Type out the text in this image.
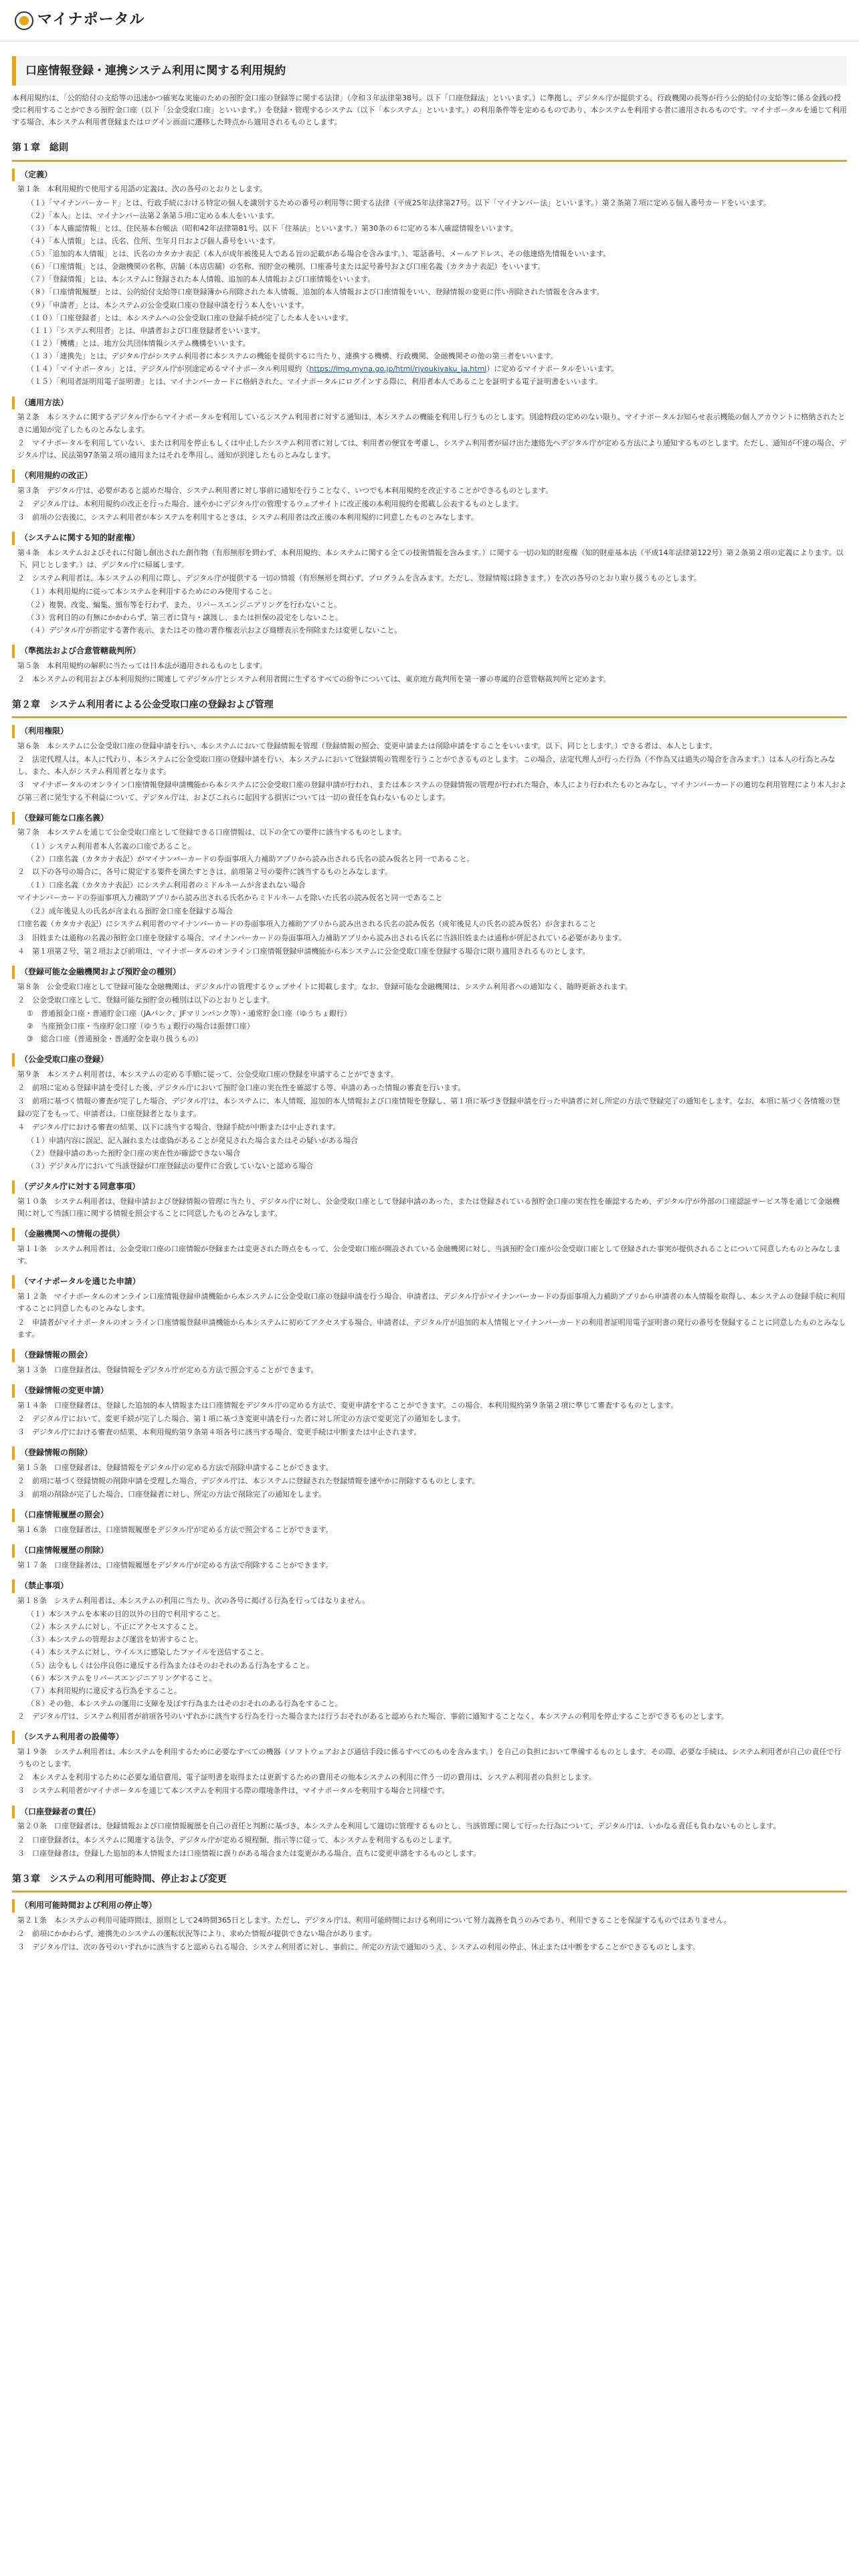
マイナポータル
口座情報登録・連携システム利用に関する利用規約

本利用規約は、「公的給付の支給等の迅速かつ確実な実施のための預貯金口座の登録等に関する法律」（令和３年法律第38号。以下「口座登録法」といいます。）に準拠し、デジタル庁が提供する、行政機関の長等が行う公的給付の支給等に係る金銭の授受に利用することができる預貯金口座（以下「公金受取口座」といいます。）を登録・管理するシステム（以下「本システム」といいます。）の利用条件等を定めるものであり、本システムを利用する者に適用されるものです。マイナポータルを通じて利用する場合、本システム利用者登録またはログイン画面に遷移した時点から適用されるものとします。

第１章　総則
（定義）

第１条　本利用規約で使用する用語の定義は、次の各号のとおりとします。

（１）「マイナンバーカード」とは、行政手続における特定の個人を識別するための番号の利用等に関する法律（平成25年法律第27号。以下「マイナンバー法」といいます。）第２条第７項に定める個人番号カードをいいます。

（２）「本人」とは、マイナンバー法第２条第５項に定める本人をいいます。

（３）「本人確認情報」とは、住民基本台帳法（昭和42年法律第81号。以下「住基法」といいます。）第30条の６に定める本人確認情報をいいます。

（４）「本人情報」とは、氏名、住所、生年月日および個人番号をいいます。

（５）「追加的本人情報」とは、氏名のカタカナ表記（本人が成年被後見人である旨の記載がある場合を含みます。）、電話番号、メールアドレス、その他連絡先情報をいいます。

（６）「口座情報」とは、金融機関の名称、店舗（本店店舗）の名称、預貯金の種別、口座番号または記号番号および口座名義（カタカナ表記）をいいます。

（７）「登録情報」とは、本システムに登録された本人情報、追加的本人情報および口座情報をいいます。

（８）「口座情報履歴」とは、公的給付支給等口座登録簿から削除された本人情報、追加的本人情報および口座情報をいい、登録情報の変更に伴い削除された情報を含みます。

（９）「申請者」とは、本システムの公金受取口座の登録申請を行う本人をいいます。

（１０）「口座登録者」とは、本システムへの公金受取口座の登録手続が完了した本人をいいます。

（１１）「システム利用者」とは、申請者および口座登録者をいいます。

（１２）「機構」とは、地方公共団体情報システム機構をいいます。

（１３）「連携先」とは、デジタル庁がシステム利用者に本システムの機能を提供するに当たり、連携する機構、行政機関、金融機関その他の第三者をいいます。

（１４）「マイナポータル」とは、デジタル庁が別途定めるマイナポータル利用規約（https://img.myna.go.jp/html/riyoukiyaku_ja.html）に定めるマイナポータルをいいます。

（１５）「利用者証明用電子証明書」とは、マイナンバーカードに格納された、マイナポータルにログインする際に、利用者本人であることを証明する電子証明書をいいます。

（適用方法）

第２条　本システムに関するデジタル庁からマイナポータルを利用しているシステム利用者に対する通知は、本システムの機能を利用し行うものとします。別途特段の定めのない限り、マイナポータルお知らせ表示機能の個人アカウントに格納されたときに通知が完了したものとみなします。

２　マイナポータルを利用していない、または利用を停止もしくは中止したシステム利用者に対しては、利用者の便宜を考慮し、システム利用者が届け出た連絡先へデジタル庁が定める方法により通知するものとします。ただし、通知が不達の場合、デジタル庁は、民法第97条第２項の適用またはそれを準用し、通知が到達したものとみなします。

（利用規約の改正）

第３条　デジタル庁は、必要があると認めた場合、システム利用者に対し事前に通知を行うことなく、いつでも本利用規約を改正することができるものとします。

２　デジタル庁は、本利用規約の改正を行った場合、速やかにデジタル庁の管理するウェブサイトに改正後の本利用規約を掲載し公表するものとします。

３　前項の公表後に、システム利用者が本システムを利用するときは、システム利用者は改正後の本利用規約に同意したものとみなします。

（システムに関する知的財産権）

第４条　本システムおよびそれに付随し創出された創作物（有形無形を問わず、本利用規約、本システムに関する全ての技術情報を含みます。）に関する一切の知的財産権（知的財産基本法（平成14年法律第122号）第２条第２項の定義によります。以下、同じとします。）は、デジタル庁に帰属します。

２　システム利用者は、本システムの利用に際し、デジタル庁が提供する一切の情報（有形無形を問わず、プログラムを含みます。ただし、登録情報は除きます。）を次の各号のとおり取り扱うものとします。

（１）本利用規約に従って本システムを利用するためにのみ使用すること。

（２）複製、改変、編集、頒布等を行わず、また、リバースエンジニアリングを行わないこと。

（３）営利目的の有無にかかわらず、第三者に貸与・譲渡し、または担保の設定をしないこと。

（４）デジタル庁が指定する著作表示、またはその他の著作権表示および商標表示を削除または変更しないこと。

（準拠法および合意管轄裁判所）

第５条　本利用規約の解釈に当たっては日本法が適用されるものとします。

２　本システムの利用および本利用規約に関連してデジタル庁とシステム利用者間に生ずるすべての紛争については、東京地方裁判所を第一審の専属的合意管轄裁判所と定めます。

第２章　システム利用者による公金受取口座の登録および管理
（利用権限）

第６条　本システムに公金受取口座の登録申請を行い、本システムにおいて登録情報を管理（登録情報の照会、変更申請または削除申請をすることをいいます。以下、同じとします。）できる者は、本人とします。

２　法定代理人は、本人に代わり、本システムに公金受取口座の登録申請を行い、本システムにおいて登録情報の管理を行うことができるものとします。この場合、法定代理人が行った行為（不作為又は過失の場合を含みます。）は本人の行為とみなし、また、本人がシステム利用者となります。

３　マイナポータルのオンライン口座情報登録申請機能から本システムに公金受取口座の登録申請が行われ、または本システムの登録情報の管理が行われた場合、本人により行われたものとみなし、マイナンバーカードの適切な利用管理により本人および第三者に発生する不利益について、デジタル庁は、およびこれらに起因する損害については一切の責任を負わないものとします。

（登録可能な口座名義）

第７条　本システムを通じて公金受取口座として登録できる口座情報は、以下の全ての要件に該当するものとします。

（１）システム利用者本人名義の口座であること。

（２）口座名義（カタカナ表記）がマイナンバーカードの券面事項入力補助アプリから読み出される氏名の読み仮名と同一であること。

２　以下の各号の場合に、各号に規定する要件を満たすときは、前項第２号の要件に該当するものとみなします。

（１）口座名義（カタカナ表記）にシステム利用者のミドルネームが含まれない場合

マイナンバーカードの券面事項入力補助アプリから読み出される氏名からミドルネームを除いた氏名の読み仮名と同一であること

（２）成年後見人の氏名が含まれる預貯金口座を登録する場合

口座名義（カタカナ表記）にシステム利用者のマイナンバーカードの券面事項入力補助アプリから読み出される氏名の読み仮名（成年後見人の氏名の読み仮名）が含まれること

３　旧姓または通称の名義の預貯金口座を登録する場合、マイナンバーカードの券面事項入力補助アプリから読み出される氏名に当該旧姓または通称が併記されている必要があります。

４　第１項第２号、第２項および前項は、マイナポータルのオンライン口座情報登録申請機能から本システムに公金受取口座を登録する場合に限り適用されるものとします。

（登録可能な金融機関および預貯金の種別）

第８条　公金受取口座として登録可能な金融機関は、デジタル庁の管理するウェブサイトに掲載します。なお、登録可能な金融機関は、システム利用者への通知なく、随時更新されます。

２　公金受取口座として、登録可能な預貯金の種別は以下のとおりとします。

①　普通預金口座・普通貯金口座（JAバンク、JFマリンバンク等）・通常貯金口座（ゆうちょ銀行）

②　当座預金口座・当座貯金口座（ゆうちょ銀行の場合は振替口座）

③　総合口座（普通預金・普通貯金を取り扱うもの）

（公金受取口座の登録）

第９条　本システム利用者は、本システムの定める手順に従って、公金受取口座の登録を申請することができます。

２　前項に定める登録申請を受付した後、デジタル庁において預貯金口座の実在性を確認する等、申請のあった情報の審査を行います。

３　前項に基づく情報の審査が完了した場合、デジタル庁は、本システムに、本人情報、追加的本人情報および口座情報を登録し、第１項に基づき登録申請を行った申請者に対し所定の方法で登録完了の通知をします。なお、本項に基づく各情報の登録の完了をもって、申請者は、口座登録者となります。

４　デジタル庁における審査の結果、以下に該当する場合、登録手続が中断または中止されます。

（１）申請内容に誤記、記入漏れまたは虚偽があることが発見された場合またはその疑いがある場合

（２）登録申請のあった預貯金口座の実在性が確認できない場合

（３）デジタル庁において当該登録が口座登録法の要件に合致していないと認める場合

（デジタル庁に対する同意事項）

第１０条　システム利用者は、登録申請および登録情報の管理に当たり、デジタル庁に対し、公金受取口座として登録申請のあった、または登録されている預貯金口座の実在性を確認するため、デジタル庁が外部の口座認証サービス等を通じて金融機関に対して当該口座に関する情報を照会することに同意したものとみなします。

（金融機関への情報の提供）

第１１条　システム利用者は、公金受取口座の口座情報が登録または変更された時点をもって、公金受取口座が開設されている金融機関に対し、当該預貯金口座が公金受取口座として登録された事実が提供されることについて同意したものとみなします。

（マイナポータルを通じた申請）

第１２条　マイナポータルのオンライン口座情報登録申請機能から本システムに公金受取口座の登録申請を行う場合、申請者は、デジタル庁がマイナンバーカードの券面事項入力補助アプリから申請者の本人情報を取得し、本システムの登録手続に利用することに同意したものとみなします。

２　申請者がマイナポータルのオンライン口座情報登録申請機能から本システムに初めてアクセスする場合、申請者は、デジタル庁が追加的本人情報とマイナンバーカードの利用者証明用電子証明書の発行の番号を登録することに同意したものとみなします。

（登録情報の照会）

第１３条　口座登録者は、登録情報をデジタル庁が定める方法で照会することができます。

（登録情報の変更申請）

第１４条　口座登録者は、登録した追加的本人情報または口座情報をデジタル庁の定める方法で、変更申請をすることができます。この場合、本利用規約第９条第２項に準じて審査するものとします。

２　デジタル庁において、変更手続が完了した場合、第１項に基づき変更申請を行った者に対し所定の方法で変更完了の通知をします。

３　デジタル庁における審査の結果、本利用規約第９条第４項各号に該当する場合、変更手続は中断または中止されます。

（登録情報の削除）

第１５条　口座登録者は、登録情報をデジタル庁の定める方法で削除申請することができます。

２　前項に基づく登録情報の削除申請を受理した場合、デジタル庁は、本システムに登録された登録情報を速やかに削除するものとします。

３　前項の削除が完了した場合、口座登録者に対し、所定の方法で削除完了の通知をします。

（口座情報履歴の照会）

第１６条　口座登録者は、口座情報履歴をデジタル庁が定める方法で照会することができます。

（口座情報履歴の削除）

第１７条　口座登録者は、口座情報履歴をデジタル庁が定める方法で削除することができます。

（禁止事項）

第１８条　システム利用者は、本システムの利用に当たり、次の各号に掲げる行為を行ってはなりません。

（１）本システムを本来の目的以外の目的で利用すること。

（２）本システムに対し、不正にアクセスすること。

（３）本システムの管理および運営を妨害すること。

（４）本システムに対し、ウイルスに感染したファイルを送信すること。

（５）法令もしくは公序良俗に違反する行為またはそのおそれのある行為をすること。

（６）本システムをリバースエンジニアリングすること。

（７）本利用規約に違反する行為をすること。

（８）その他、本システムの運用に支障を及ぼす行為またはそのおそれのある行為をすること。

２　デジタル庁は、システム利用者が前項各号のいずれかに該当する行為を行った場合または行うおそれがあると認められた場合、事前に通知することなく、本システムの利用を停止することができるものとします。

（システム利用者の設備等）

第１９条　システム利用者は、本システムを利用するために必要なすべての機器（ソフトウェアおよび通信手段に係るすべてのものを含みます。）を自己の負担において準備するものとします。その際、必要な手続は、システム利用者が自己の責任で行うものとします。

２　本システムを利用するために必要な通信費用、電子証明書を取得または更新するための費用その他本システムの利用に伴う一切の費用は、システム利用者の負担とします。

３　システム利用者がマイナポータルを通じて本システムを利用する際の環境条件は、マイナポータルを利用する場合と同様です。

（口座登録者の責任）

第２０条　口座登録者は、登録情報および口座情報履歴を自己の責任と判断に基づき、本システムを利用して適切に管理するものとし、当該管理に関して行った行為について、デジタル庁は、いかなる責任も負わないものとします。

２　口座登録者は、本システムに関連する法令、デジタル庁が定める規程類、指示等に従って、本システムを利用するものとします。

３　口座登録者は、登録した追加的本人情報または口座情報に誤りがある場合または変更がある場合、直ちに変更申請をするものとします。

第３章　システムの利用可能時間、停止および変更
（利用可能時間および利用の停止等）

第２１条　本システムの利用可能時間は、原則として24時間365日とします。ただし、デジタル庁は、利用可能時間における利用について努力義務を負うのみであり、利用できることを保証するものではありません。

２　前項にかかわらず、連携先のシステムの運転状況等により、求めた情報が提供できない場合があります。

３　デジタル庁は、次の各号のいずれかに該当すると認められる場合、システム利用者に対し、事前に、所定の方法で通知のうえ、システムの利用の停止、休止または中断をすることができるものとします。
